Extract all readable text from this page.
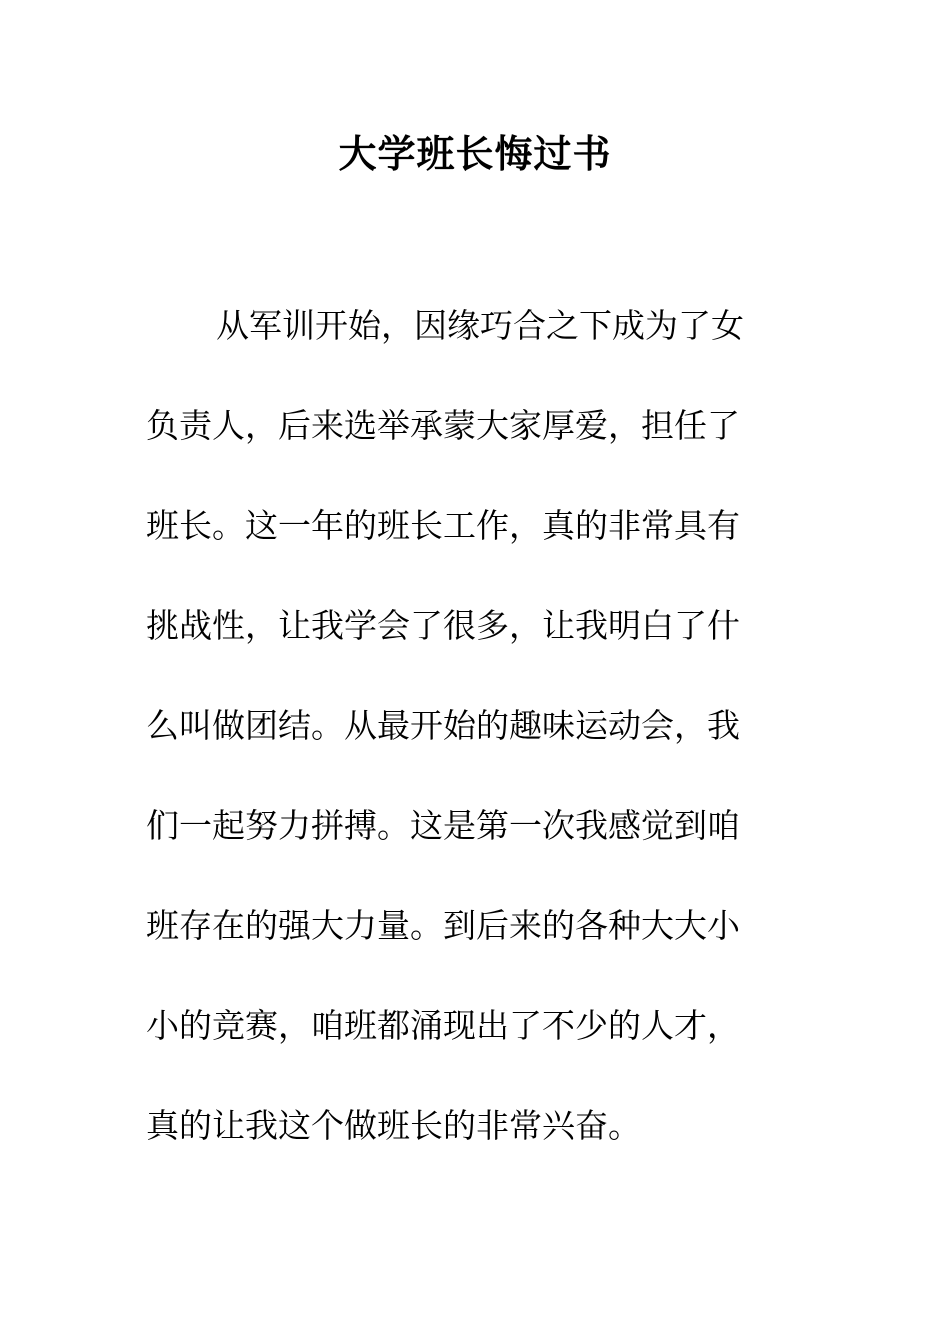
大学班长悔过书
从军训开始，因缘巧合之下成为了女
负责人，后来选举承蒙大家厚爱，担任了
班长。这一年的班长工作，真的非常具有
挑战性，让我学会了很多，让我明白了什
么叫做团结。从最开始的趣味运动会，我
们一起努力拼搏。这是第一次我感觉到咱
班存在的强大力量。到后来的各种大大小
小的竞赛，咱班都涌现出了不少的人才，
真的让我这个做班长的非常兴奋。
